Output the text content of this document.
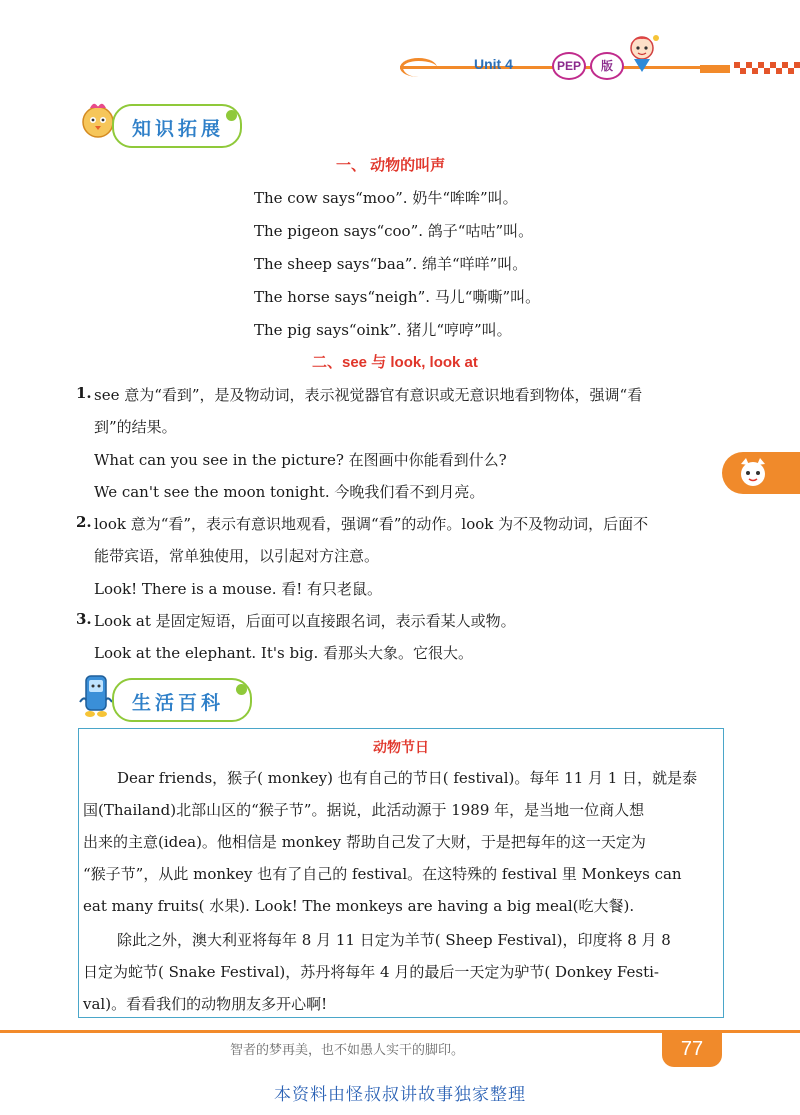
Unit 4	PEP	版
知识拓展
一、 动物的叫声
The cow says“moo”. 奶牛“哞哞”叫。
The pigeon says“coo”. 鸽子“咕咕”叫。
The sheep says“baa”. 绵羊“咩咩”叫。
The horse says“neigh”. 马儿“嘶嘶”叫。
The pig says“oink”. 猪儿“哼哼”叫。
二、see 与 look, look at
1. see 意为“看到”，是及物动词，表示视觉器官有意识或无意识地看到物体，强调“看
到”的结果。
What can you see in the picture? 在图画中你能看到什么?
We can't see the moon tonight. 今晚我们看不到月亮。
2. look 意为“看”，表示有意识地观看，强调“看”的动作。look 为不及物动词，后面不
能带宾语，常单独使用，以引起对方注意。
Look! There is a mouse. 看! 有只老鼠。
3. Look at 是固定短语，后面可以直接跟名词，表示看某人或物。
Look at the elephant. It's big. 看那头大象。它很大。
生活百科
动物节日
Dear friends，猴子( monkey) 也有自己的节日( festival)。每年 11 月 1 日，就是泰
国(Thailand)北部山区的“猴子节”。据说，此活动源于 1989 年，是当地一位商人想
出来的主意(idea)。他相信是 monkey 帮助自己发了大财，于是把每年的这一天定为
“猴子节”，从此 monkey 也有了自己的 festival。在这特殊的 festival 里 Monkeys can
eat many fruits( 水果). Look! The monkeys are having a big meal(吃大餐).
除此之外，澳大利亚将每年 8 月 11 日定为羊节( Sheep Festival)，印度将 8 月 8
日定为蛇节( Snake Festival)，苏丹将每年 4 月的最后一天定为驴节( Donkey Festi-
val)。看看我们的动物朋友多开心啊!
智者的梦再美，也不如愚人实干的脚印。	77
本资料由怪叔叔讲故事独家整理
